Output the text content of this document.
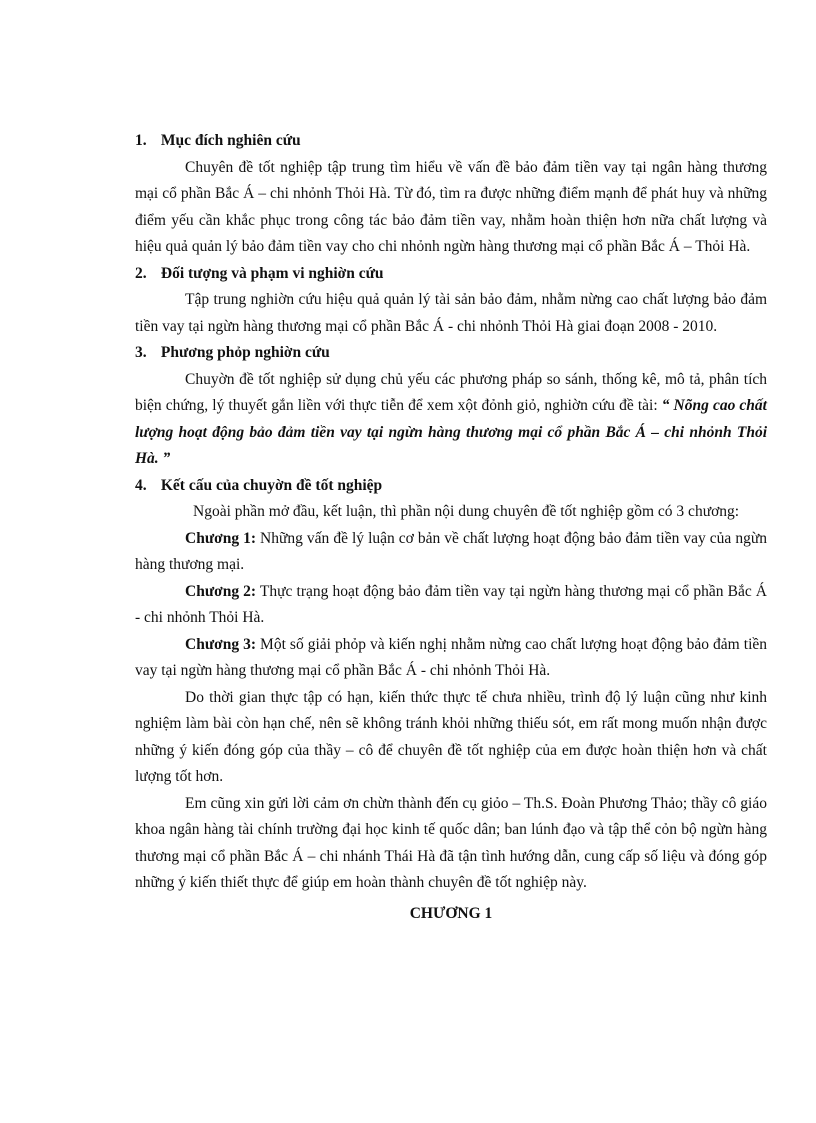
1. Mục đích nghiên cứu

Chuyên đề tốt nghiệp tập trung tìm hiểu về vấn đề bảo đảm tiền vay tại ngân hàng thương mại cổ phần Bắc Á – chi nhỏnh Thỏi Hà. Từ đó, tìm ra được những điểm mạnh để phát huy và những điểm yếu cần khắc phục trong công tác bảo đảm tiền vay, nhằm hoàn thiện hơn nữa chất lượng và hiệu quả quản lý bảo đảm tiền vay cho chi nhỏnh ngừn hàng thương mại cổ phần Bắc Á – Thỏi Hà.

2. Đối tượng và phạm vi nghiờn cứu

Tập trung nghiờn cứu hiệu quả quản lý tài sản bảo đảm, nhằm nừng cao chất lượng bảo đảm tiền vay tại ngừn hàng thương mại cổ phần Bắc Á - chi nhỏnh Thỏi Hà giai đoạn 2008 - 2010.

3. Phương phỏp nghiờn cứu

Chuyờn đề tốt nghiệp sử dụng chủ yếu các phương pháp so sánh, thống kê, mô tả, phân tích biện chứng, lý thuyết gắn liền với thực tiễn để xem xột đỏnh giỏ, nghiờn cứu đề tài: “ Nõng cao chất lượng hoạt động bảo đảm tiền vay tại ngừn hàng thương mại cổ phần Bắc Á – chi nhỏnh Thỏi Hà. ”

4. Kết cấu của chuyờn đề tốt nghiệp

Ngoài phần mở đầu, kết luận, thì phần nội dung chuyên đề tốt nghiệp gồm có 3 chương:

Chương 1: Những vấn đề lý luận cơ bản về chất lượng hoạt động bảo đảm tiền vay của ngừn hàng thương mại.

Chương 2: Thực trạng hoạt động bảo đảm tiền vay tại ngừn hàng thương mại cổ phần Bắc Á - chi nhỏnh Thỏi Hà.

Chương 3: Một số giải phỏp và kiến nghị nhằm nừng cao chất lượng hoạt động bảo đảm tiền vay tại ngừn hàng thương mại cổ phần Bắc Á - chi nhỏnh Thỏi Hà.

Do thời gian thực tập có hạn, kiến thức thực tế chưa nhiều, trình độ lý luận cũng như kinh nghiệm làm bài còn hạn chế, nên sẽ không tránh khỏi những thiếu sót, em rất mong muốn nhận được những ý kiến đóng góp của thầy – cô để chuyên đề tốt nghiệp của em được hoàn thiện hơn và chất lượng tốt hơn.

Em cũng xin gửi lời cảm ơn chừn thành đến cụ giỏo – Th.S. Đoàn Phương Thảo; thầy cô giáo khoa ngân hàng tài chính trường đại học kinh tế quốc dân; ban lúnh đạo và tập thể cỏn bộ ngừn hàng thương mại cổ phần Bắc Á – chi nhánh Thái Hà đã tận tình hướng dẫn, cung cấp số liệu và đóng góp những ý kiến thiết thực để giúp em hoàn thành chuyên đề tốt nghiệp này.

CHƯƠNG 1
